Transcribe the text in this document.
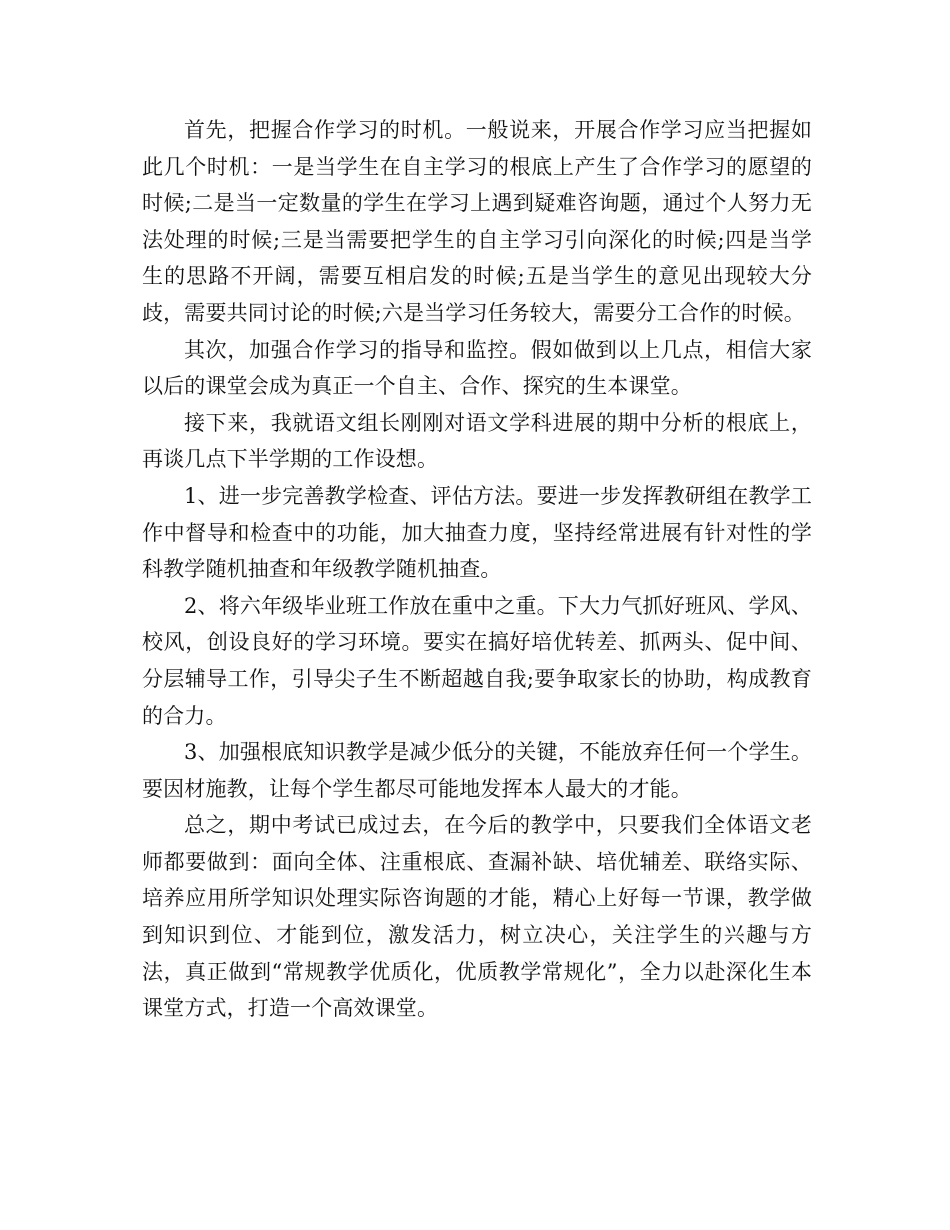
首先，把握合作学习的时机。一般说来，开展合作学习应当把握如此几个时机：一是当学生在自主学习的根底上产生了合作学习的愿望的时候;二是当一定数量的学生在学习上遇到疑难咨询题，通过个人努力无法处理的时候;三是当需要把学生的自主学习引向深化的时候;四是当学生的思路不开阔，需要互相启发的时候;五是当学生的意见出现较大分歧，需要共同讨论的时候;六是当学习任务较大，需要分工合作的时候。

其次，加强合作学习的指导和监控。假如做到以上几点，相信大家以后的课堂会成为真正一个自主、合作、探究的生本课堂。

接下来，我就语文组长刚刚对语文学科进展的期中分析的根底上，再谈几点下半学期的工作设想。

1、进一步完善教学检查、评估方法。要进一步发挥教研组在教学工作中督导和检查中的功能，加大抽查力度，坚持经常进展有针对性的学科教学随机抽查和年级教学随机抽查。

2、将六年级毕业班工作放在重中之重。下大力气抓好班风、学风、校风，创设良好的学习环境。要实在搞好培优转差、抓两头、促中间、分层辅导工作，引导尖子生不断超越自我;要争取家长的协助，构成教育的合力。

3、加强根底知识教学是减少低分的关键，不能放弃任何一个学生。要因材施教，让每个学生都尽可能地发挥本人最大的才能。

总之，期中考试已成过去，在今后的教学中，只要我们全体语文老师都要做到：面向全体、注重根底、查漏补缺、培优辅差、联络实际、培养应用所学知识处理实际咨询题的才能，精心上好每一节课，教学做到知识到位、才能到位，激发活力，树立决心，关注学生的兴趣与方法，真正做到“常规教学优质化，优质教学常规化”，全力以赴深化生本课堂方式，打造一个高效课堂。
